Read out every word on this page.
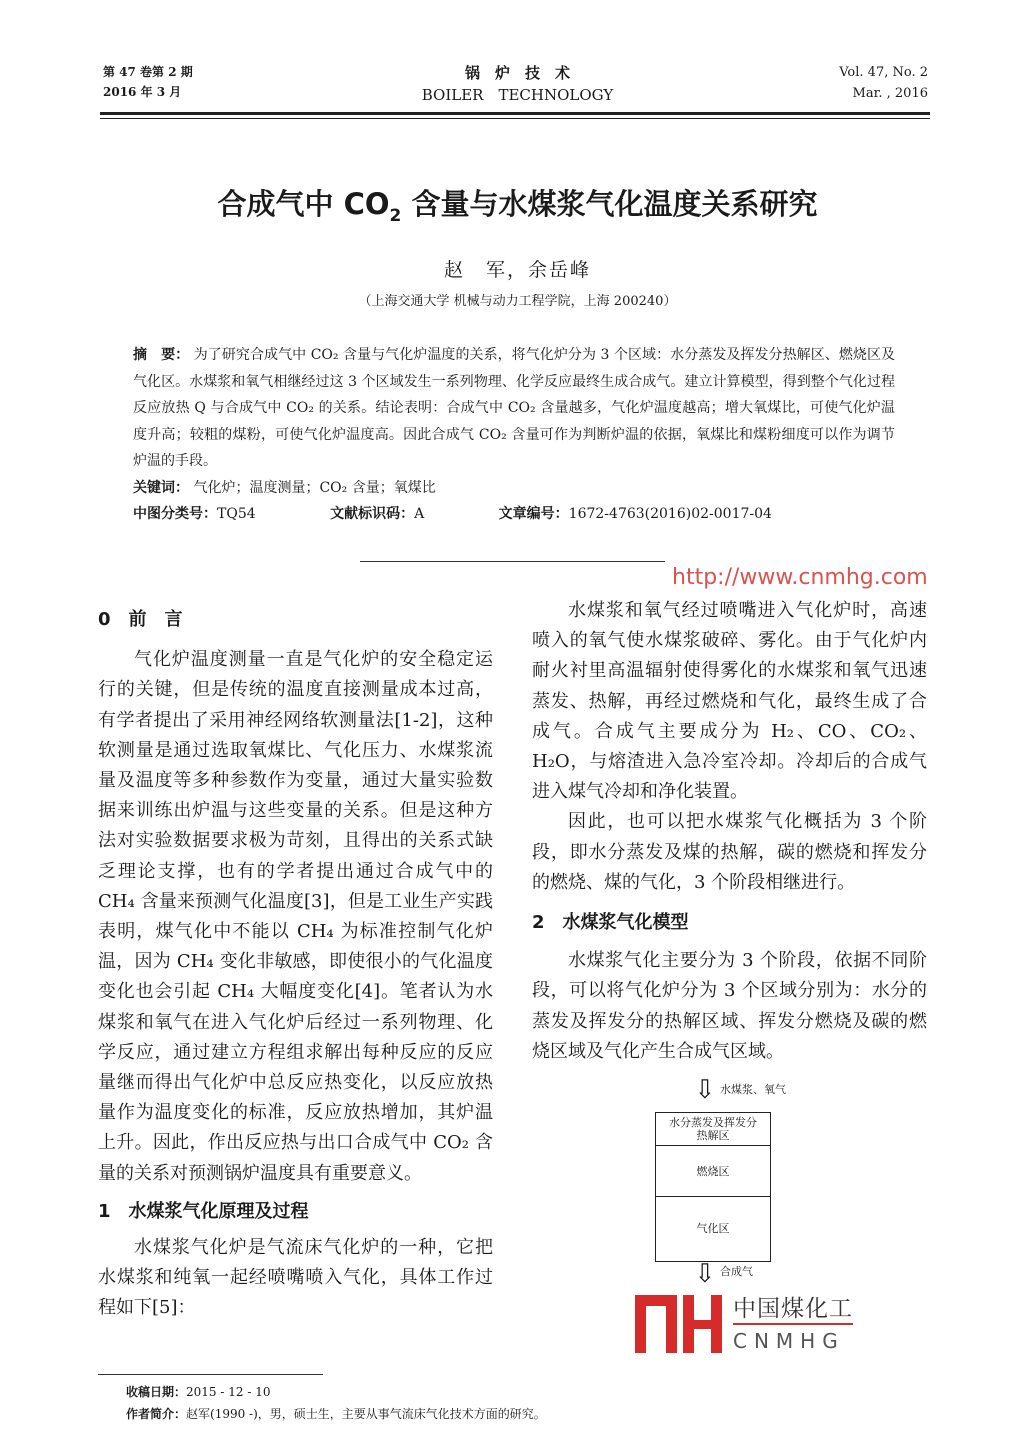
第 47 卷第 2 期
2016 年 3 月
锅　炉　技　术
BOILER　TECHNOLOGY
Vol. 47, No. 2
Mar. , 2016
合成气中 $CO_2$ 含量与水煤浆气化温度关系研究
赵　军，余岳峰
（上海交通大学 机械与动力工程学院，上海 200240）
摘　要： 为了研究合成气中 CO₂ 含量与气化炉温度的关系，将气化炉分为 3 个区域：水分蒸发及挥发分热解区、燃烧区及气化区。水煤浆和氧气相继经过这 3 个区域发生一系列物理、化学反应最终生成合成气。建立计算模型，得到整个气化过程反应放热 Q 与合成气中 CO₂ 的关系。结论表明：合成气中 CO₂ 含量越多，气化炉温度越高；增大氧煤比，可使气化炉温度升高；较粗的煤粉，可使气化炉温度高。因此合成气 CO₂ 含量可作为判断炉温的依据，氧煤比和煤粉细度可以作为调节炉温的手段。
关键词： 气化炉；温度测量；CO₂ 含量；氧煤比
中图分类号：TQ54	文献标识码：A	文章编号：1672-4763(2016)02-0017-04
http://www.cnmhg.com
0　前　言

气化炉温度测量一直是气化炉的安全稳定运行的关键，但是传统的温度直接测量成本过高，有学者提出了采用神经网络软测量法[1-2]，这种软测量是通过选取氧煤比、气化压力、水煤浆流量及温度等多种参数作为变量，通过大量实验数据来训练出炉温与这些变量的关系。但是这种方法对实验数据要求极为苛刻，且得出的关系式缺乏理论支撑，也有的学者提出通过合成气中的 CH₄ 含量来预测气化温度[3]，但是工业生产实践表明，煤气化中不能以 CH₄ 为标准控制气化炉温，因为 CH₄ 变化非敏感，即使很小的气化温度变化也会引起 CH₄ 大幅度变化[4]。笔者认为水煤浆和氧气在进入气化炉后经过一系列物理、化学反应，通过建立方程组求解出每种反应的反应量继而得出气化炉中总反应热变化，以反应放热量作为温度变化的标准，反应放热增加，其炉温上升。因此，作出反应热与出口合成气中 CO₂ 含量的关系对预测锅炉温度具有重要意义。

1　水煤浆气化原理及过程

水煤浆气化炉是气流床气化炉的一种，它把水煤浆和纯氧一起经喷嘴喷入气化，具体工作过程如下[5]：

收稿日期：2015 - 12 - 10
作者简介：赵军(1990 -)，男，硕士生，主要从事气流床气化技术方面的研究。

水煤浆和氧气经过喷嘴进入气化炉时，高速喷入的氧气使水煤浆破碎、雾化。由于气化炉内耐火衬里高温辐射使得雾化的水煤浆和氧气迅速蒸发、热解，再经过燃烧和气化，最终生成了合成气。合成气主要成分为 H₂、CO、CO₂、H₂O，与熔渣进入急冷室冷却。冷却后的合成气进入煤气冷却和净化装置。

因此，也可以把水煤浆气化概括为 3 个阶段，即水分蒸发及煤的热解，碳的燃烧和挥发分的燃烧、煤的气化，3 个阶段相继进行。

2　水煤浆气化模型

水煤浆气化主要分为 3 个阶段，依据不同阶段，可以将气化炉分为 3 个区域分别为：水分的蒸发及挥发分的热解区域、挥发分燃烧及碳的燃烧区域及气化产生合成气区域。

⇩ 水煤浆、氧气
水分蒸发及挥发分热解区
燃烧区
气化区
⇩ 合成气
中国煤化工
CNMHG
